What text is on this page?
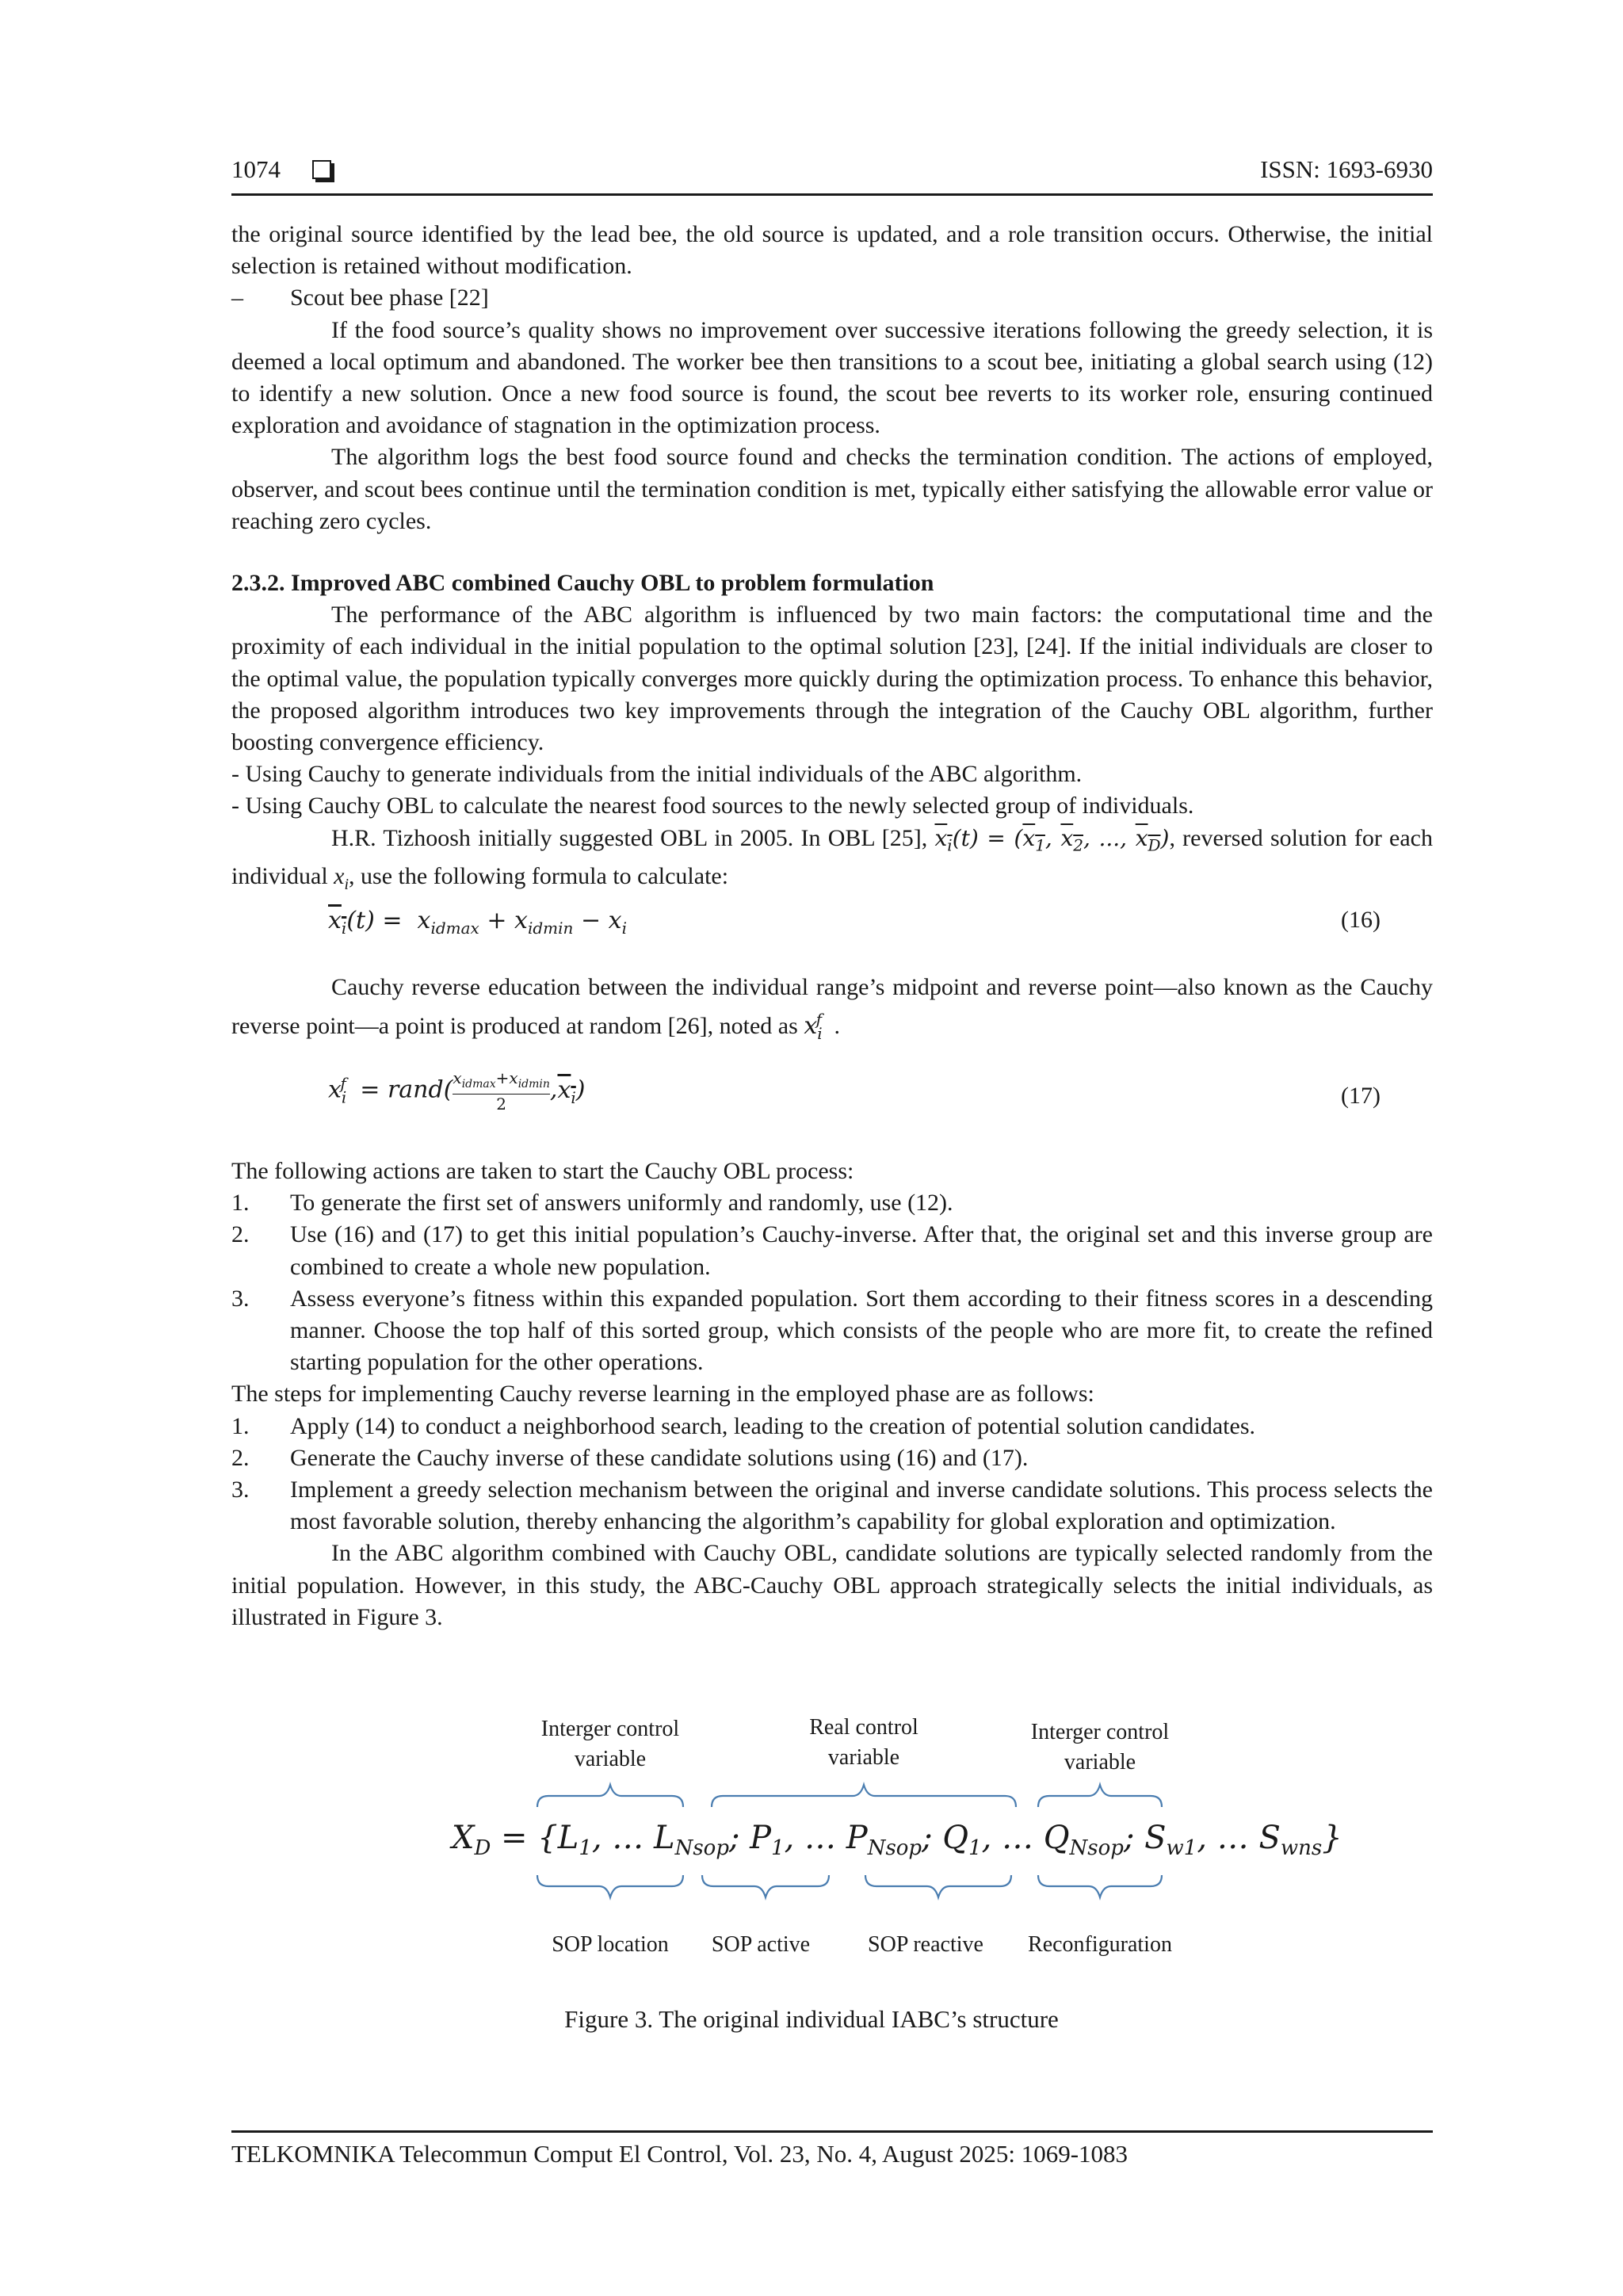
1074	ISSN: 1693-6930

the original source identified by the lead bee, the old source is updated, and a role transition occurs. Otherwise, the initial selection is retained without modification.

–	Scout bee phase [22]

If the food source’s quality shows no improvement over successive iterations following the greedy selection, it is deemed a local optimum and abandoned. The worker bee then transitions to a scout bee, initiating a global search using (12) to identify a new solution. Once a new food source is found, the scout bee reverts to its worker role, ensuring continued exploration and avoidance of stagnation in the optimization process.

The algorithm logs the best food source found and checks the termination condition. The actions of employed, observer, and scout bees continue until the termination condition is met, typically either satisfying the allowable error value or reaching zero cycles.

2.3.2. Improved ABC combined Cauchy OBL to problem formulation

The performance of the ABC algorithm is influenced by two main factors: the computational time and the proximity of each individual in the initial population to the optimal solution [23], [24]. If the initial individuals are closer to the optimal value, the population typically converges more quickly during the optimization process. To enhance this behavior, the proposed algorithm introduces two key improvements through the integration of the Cauchy OBL algorithm, further boosting convergence efficiency.

- Using Cauchy to generate individuals from the initial individuals of the ABC algorithm.

- Using Cauchy OBL to calculate the nearest food sources to the newly selected group of individuals.

H.R. Tizhoosh initially suggested OBL in 2005. In OBL [25], $x_i(t) = (x_1$, $x_2$, ..., $x_D$), reversed solution for each individual $x_i$, use the following formula to calculate:

$x_i(t) = x_{idmax} + x_{idmin} - x_i$	(16)

Cauchy reverse education between the individual range’s midpoint and reverse point—also known as the Cauchy reverse point—a point is produced at random [26], noted as $x_i^f$ .

$x_i^f$ = rand( $x_{idmax}+x_{idmin}$
2
$,x_i$)	(17)

The following actions are taken to start the Cauchy OBL process:

1.	To generate the first set of answers uniformly and randomly, use (12).
2.	Use (16) and (17) to get this initial population’s Cauchy-inverse. After that, the original set and this inverse group are combined to create a whole new population.
3.	Assess everyone’s fitness within this expanded population. Sort them according to their fitness scores in a descending manner. Choose the top half of this sorted group, which consists of the people who are more fit, to create the refined starting population for the other operations.

The steps for implementing Cauchy reverse learning in the employed phase are as follows:

1.	Apply (14) to conduct a neighborhood search, leading to the creation of potential solution candidates.
2.	Generate the Cauchy inverse of these candidate solutions using (16) and (17).
3.	Implement a greedy selection mechanism between the original and inverse candidate solutions. This process selects the most favorable solution, thereby enhancing the algorithm’s capability for global exploration and optimization.

In the ABC algorithm combined with Cauchy OBL, candidate solutions are typically selected randomly from the initial population. However, in this study, the ABC-Cauchy OBL approach strategically selects the initial individuals, as illustrated in Figure 3.

Interger control
variable
Real control
variable
Interger control
variable
$X_D = \{L_1$, … $L_{Nsop}$; $P_1$, … $P_{Nsop}$; $Q_1$, … $Q_{Nsop}$; $S_{w1}$, … $S_{wns}$}
SOP location SOP active	SOP reactive Reconfiguration
Figure 3. The original individual IABC’s structure
TELKOMNIKA Telecommun Comput El Control, Vol. 23, No. 4, August 2025: 1069-1083
